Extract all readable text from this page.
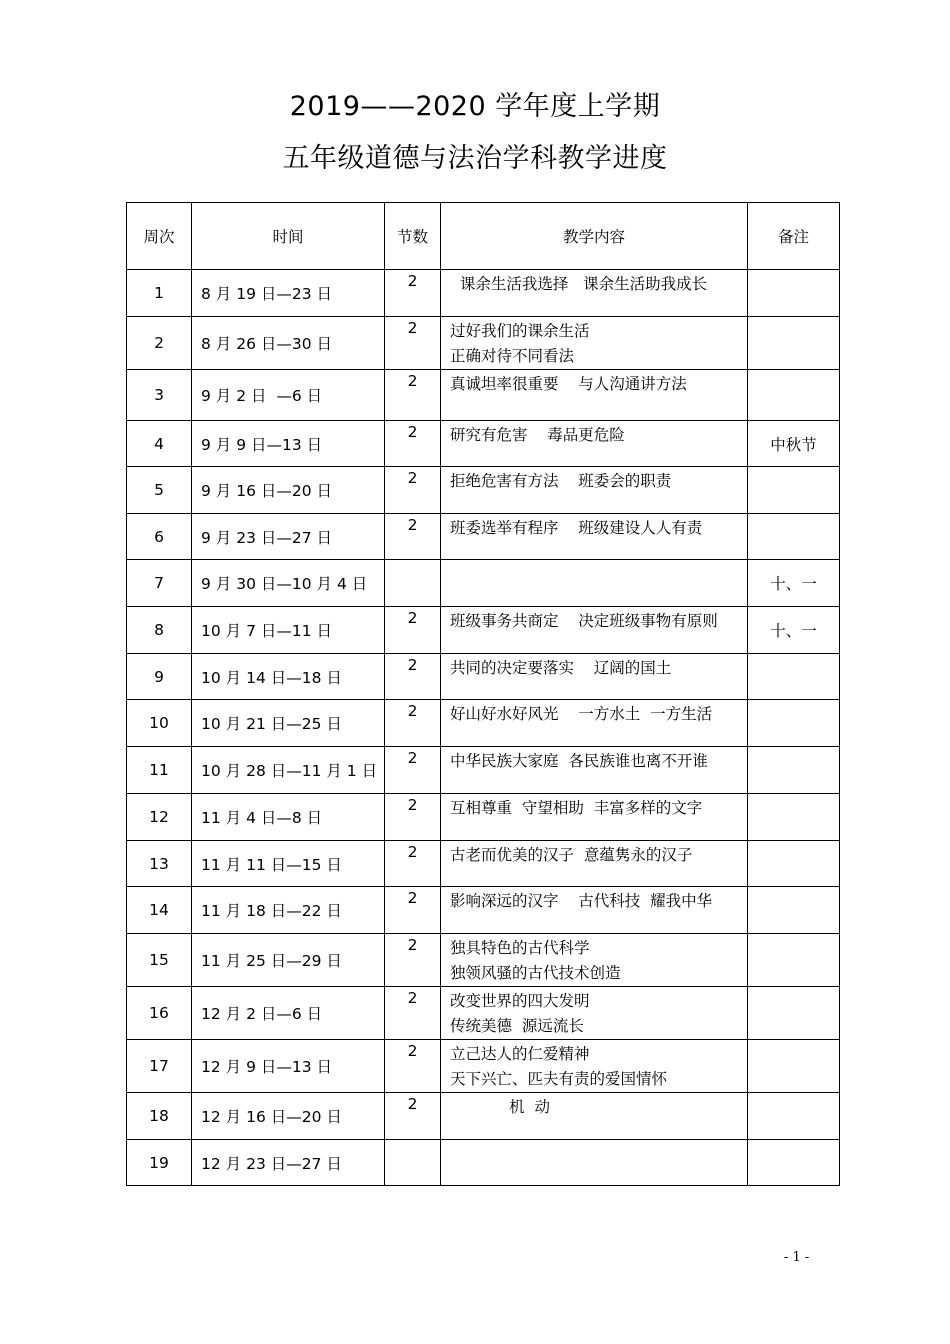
2019——2020 学年度上学期
五年级道德与法治学科教学进度
周次	时间	节数	教学内容	备注
1	8 月 19 日—23 日	2	课余生活我选择   课余生活助我成长	

2	8 月 26 日—30 日	2	过好我们的课余生活
正确对待不同看法	

3	9 月 2 日  —6 日	2	真诚坦率很重要    与人沟通讲方法	

4	9 月 9 日—13 日	2	研究有危害    毒品更危险	中秋节
5	9 月 16 日—20 日	2	拒绝危害有方法    班委会的职责	

6	9 月 23 日—27 日	2	班委选举有程序    班级建设人人有责	

7	9 月 30 日—10 月 4 日			十、一
8	10 月 7 日—11 日	2	班级事务共商定    决定班级事物有原则	十、一
9	10 月 14 日—18 日	2	共同的决定要落实    辽阔的国土	

10	10 月 21 日—25 日	2	好山好水好风光    一方水土  一方生活	

11	10 月 28 日—11 月 1 日	2	中华民族大家庭  各民族谁也离不开谁	

12	11 月 4 日—8 日	2	互相尊重  守望相助  丰富多样的文字	

13	11 月 11 日—15 日	2	古老而优美的汉子  意蕴隽永的汉子	

14	11 月 18 日—22 日	2	影响深远的汉字    古代科技  耀我中华	

15	11 月 25 日—29 日	2	独具特色的古代科学
独领风骚的古代技术创造	

16	12 月 2 日—6 日	2	改变世界的四大发明
传统美德  源远流长	

17	12 月 9 日—13 日	2	立己达人的仁爱精神
天下兴亡、匹夫有责的爱国情怀	

18	12 月 16 日—20 日	2	机  动	

19	12 月 23 日—27 日			
- 1 -
